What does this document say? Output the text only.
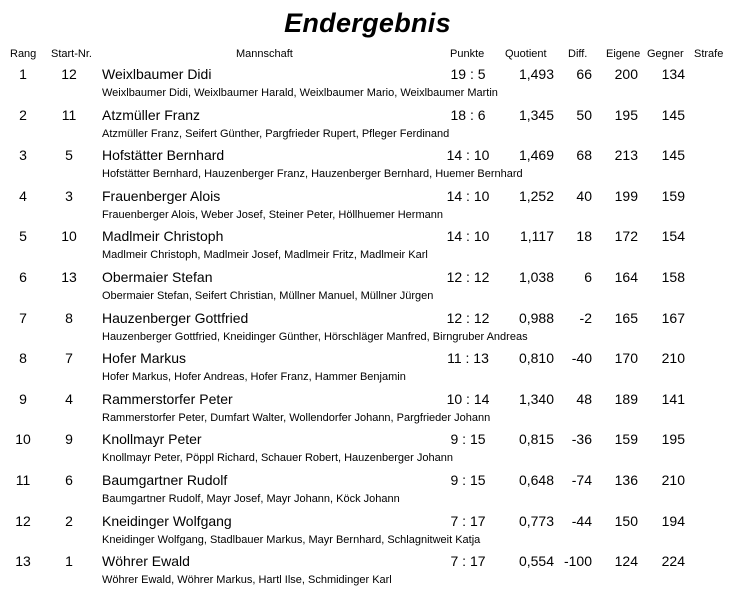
Endergebnis
Rang Start-Nr.	Mannschaft	Punkte Quotient Diff. Eigene Gegner Strafe
1	12	Weixlbaumer Didi	19 : 5	1,493	66	200	134
Weixlbaumer Didi, Weixlbaumer Harald, Weixlbaumer Mario, Weixlbaumer Martin
2	11	Atzmüller Franz	18 : 6	1,345	50	195	145
Atzmüller Franz, Seifert Günther, Pargfrieder Rupert, Pfleger Ferdinand
3	5	Hofstätter Bernhard	14 : 10	1,469	68	213	145
Hofstätter Bernhard, Hauzenberger Franz, Hauzenberger Bernhard, Huemer Bernhard
4	3	Frauenberger Alois	14 : 10	1,252	40	199	159
Frauenberger Alois, Weber Josef, Steiner Peter, Höllhuemer Hermann
5	10	Madlmeir Christoph	14 : 10	1,117	18	172	154
Madlmeir Christoph, Madlmeir Josef, Madlmeir Fritz, Madlmeir Karl
6	13	Obermaier Stefan	12 : 12	1,038	6	164	158
Obermaier Stefan, Seifert Christian, Müllner Manuel, Müllner Jürgen
7	8	Hauzenberger Gottfried	12 : 12	0,988	-2	165	167
Hauzenberger Gottfried, Kneidinger Günther, Hörschläger Manfred, Birngruber Andreas
8	7	Hofer Markus	11 : 13	0,810	-40	170	210
Hofer Markus, Hofer Andreas, Hofer Franz, Hammer Benjamin
9	4	Rammerstorfer Peter	10 : 14	1,340	48	189	141
Rammerstorfer Peter, Dumfart Walter, Wollendorfer Johann, Pargfrieder Johann
10	9	Knollmayr Peter	9 : 15	0,815	-36	159	195
Knollmayr Peter, Pöppl Richard, Schauer Robert, Hauzenberger Johann
11	6	Baumgartner Rudolf	9 : 15	0,648	-74	136	210
Baumgartner Rudolf, Mayr Josef, Mayr Johann, Köck Johann
12	2	Kneidinger Wolfgang	7 : 17	0,773	-44	150	194
Kneidinger Wolfgang, Stadlbauer Markus, Mayr Bernhard, Schlagnitweit Katja
13	1	Wöhrer Ewald	7 : 17	0,554 -100	124	224
Wöhrer Ewald, Wöhrer Markus, Hartl Ilse, Schmidinger Karl
